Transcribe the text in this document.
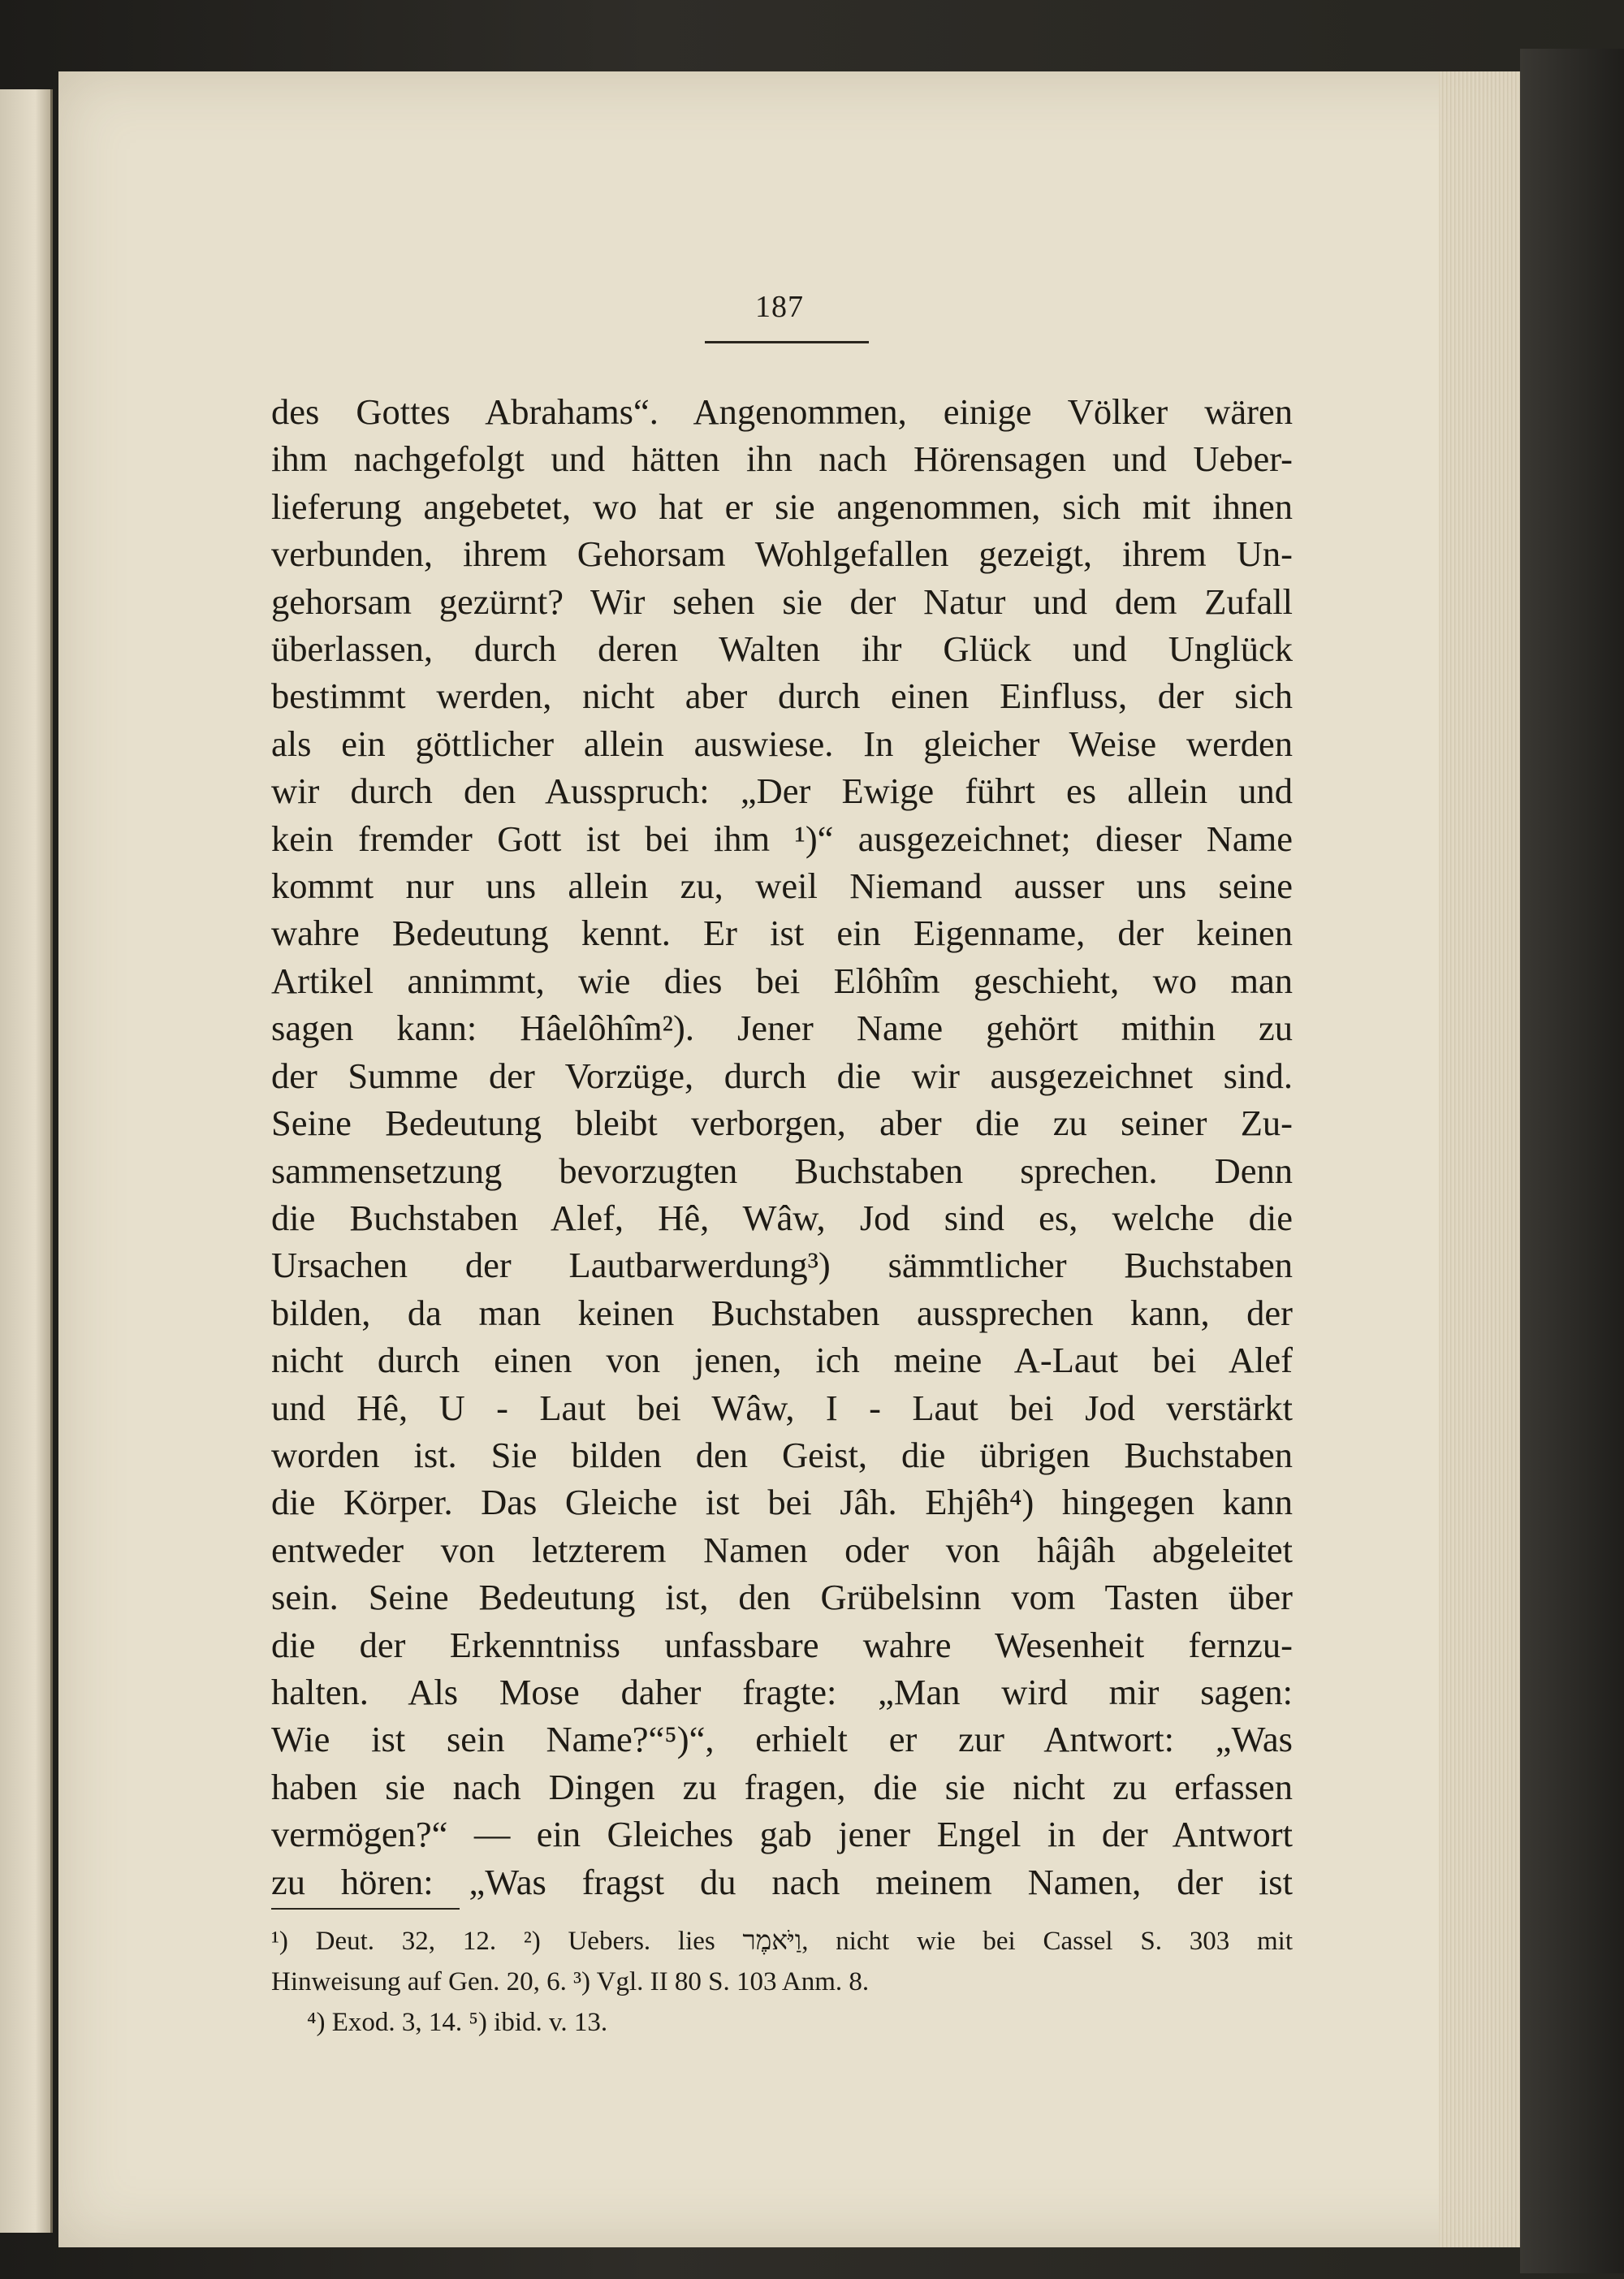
187
des Gottes Abrahams“. Angenommen, einige Völker wären
ihm nachgefolgt und hätten ihn nach Hörensagen und Ueber-
lieferung angebetet, wo hat er sie angenommen, sich mit ihnen
verbunden, ihrem Gehorsam Wohlgefallen gezeigt, ihrem Un-
gehorsam gezürnt? Wir sehen sie der Natur und dem Zufall
überlassen, durch deren Walten ihr Glück und Unglück
bestimmt werden, nicht aber durch einen Einfluss, der sich
als ein göttlicher allein auswiese. In gleicher Weise werden
wir durch den Ausspruch: „Der Ewige führt es allein und
kein fremder Gott ist bei ihm ¹)“ ausgezeichnet; dieser Name
kommt nur uns allein zu, weil Niemand ausser uns seine
wahre Bedeutung kennt. Er ist ein Eigenname, der keinen
Artikel annimmt, wie dies bei Elôhîm geschieht, wo man
sagen kann: Hâelôhîm²). Jener Name gehört mithin zu
der Summe der Vorzüge, durch die wir ausgezeichnet sind.
Seine Bedeutung bleibt verborgen, aber die zu seiner Zu-
sammensetzung bevorzugten Buchstaben sprechen. Denn
die Buchstaben Alef, Hê, Wâw, Jod sind es, welche die
Ursachen der Lautbarwerdung³) sämmtlicher Buchstaben
bilden, da man keinen Buchstaben aussprechen kann, der
nicht durch einen von jenen, ich meine A-Laut bei Alef
und Hê, U - Laut bei Wâw, I - Laut bei Jod verstärkt
worden ist. Sie bilden den Geist, die übrigen Buchstaben
die Körper. Das Gleiche ist bei Jâh. Ehjêh⁴) hingegen kann
entweder von letzterem Namen oder von hâjâh abgeleitet
sein. Seine Bedeutung ist, den Grübelsinn vom Tasten über
die der Erkenntniss unfassbare wahre Wesenheit fernzu-
halten. Als Mose daher fragte: „Man wird mir sagen:
Wie ist sein Name?“⁵)“, erhielt er zur Antwort: „Was
haben sie nach Dingen zu fragen, die sie nicht zu erfassen
vermögen?“ — ein Gleiches gab jener Engel in der Antwort
zu hören: „Was fragst du nach meinem Namen, der ist
¹) Deut. 32, 12. ²) Uebers. lies וַיֹּאמֶר, nicht wie bei Cassel S. 303 mit
Hinweisung auf Gen. 20, 6. ³) Vgl. II 80 S. 103 Anm. 8.
⁴) Exod. 3, 14. ⁵) ibid. v. 13.
